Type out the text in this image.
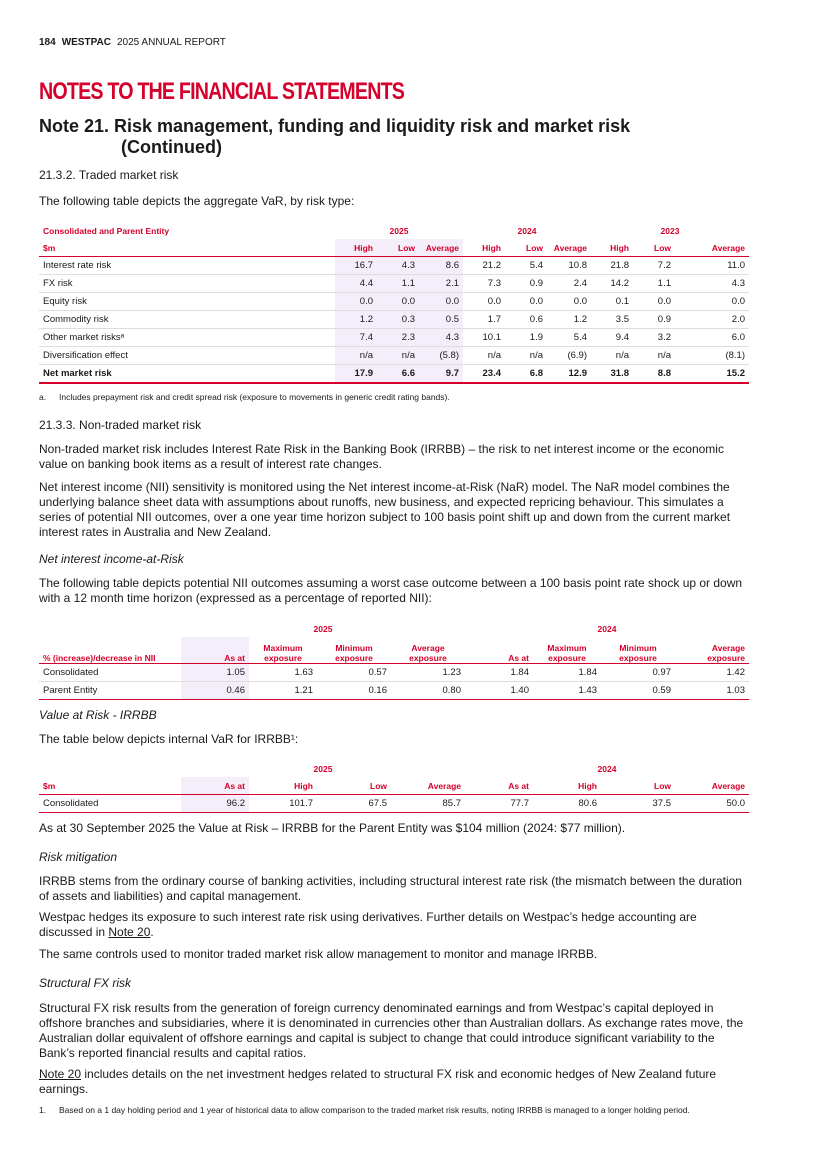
184 WESTPAC 2025 ANNUAL REPORT
NOTES TO THE FINANCIAL STATEMENTS
Note 21. Risk management, funding and liquidity risk and market risk
(Continued)
21.3.2. Traded market risk
The following table depicts the aggregate VaR, by risk type:
Consolidated and Parent Entity	2025			2024			2023		
$m	High	Low	Average	High	Low	Average	High	Low	Average
Interest rate risk	16.7	4.3	8.6	21.2	5.4	10.8	21.8	7.2	11.0
FX risk	4.4	1.1	2.1	7.3	0.9	2.4	14.2	1.1	4.3
Equity risk	0.0	0.0	0.0	0.0	0.0	0.0	0.1	0.0	0.0
Commodity risk	1.2	0.3	0.5	1.7	0.6	1.2	3.5	0.9	2.0
Other market risksᵃ	7.4	2.3	4.3	10.1	1.9	5.4	9.4	3.2	6.0
Diversification effect	n/a	n/a	(5.8)	n/a	n/a	(6.9)	n/a	n/a	(8.1)
Net market risk	17.9	6.6	9.7	23.4	6.8	12.9	31.8	8.8	15.2
a. Includes prepayment risk and credit spread risk (exposure to movements in generic credit rating bands).
21.3.3. Non-traded market risk
Non-traded market risk includes Interest Rate Risk in the Banking Book (IRRBB) – the risk to net interest income or the economic value on banking book items as a result of interest rate changes.
Net interest income (NII) sensitivity is monitored using the Net interest income-at-Risk (NaR) model. The NaR model combines the underlying balance sheet data with assumptions about runoffs, new business, and expected repricing behaviour. This simulates a series of potential NII outcomes, over a one year time horizon subject to 100 basis point shift up and down from the current market interest rates in Australia and New Zealand.
Net interest income-at-Risk
The following table depicts potential NII outcomes assuming a worst case outcome between a 100 basis point rate shock up or down with a 12 month time horizon (expressed as a percentage of reported NII):
	2025				2024			
% (increase)/decrease in NII	As at	Maximum exposure	Minimum exposure	Average exposure	As at	Maximum exposure	Minimum exposure	Average exposure
Consolidated	1.05	1.63	0.57	1.23	1.84	1.84	0.97	1.42
Parent Entity	0.46	1.21	0.16	0.80	1.40	1.43	0.59	1.03
Value at Risk - IRRBB
The table below depicts internal VaR for IRRBB¹:
	2025				2024			
$m	As at	High	Low	Average	As at	High	Low	Average
Consolidated	96.2	101.7	67.5	85.7	77.7	80.6	37.5	50.0
As at 30 September 2025 the Value at Risk – IRRBB for the Parent Entity was $104 million (2024: $77 million).
Risk mitigation
IRRBB stems from the ordinary course of banking activities, including structural interest rate risk (the mismatch between the duration of assets and liabilities) and capital management.
Westpac hedges its exposure to such interest rate risk using derivatives. Further details on Westpac’s hedge accounting are discussed in Note 20.
The same controls used to monitor traded market risk allow management to monitor and manage IRRBB.
Structural FX risk
Structural FX risk results from the generation of foreign currency denominated earnings and from Westpac’s capital deployed in offshore branches and subsidiaries, where it is denominated in currencies other than Australian dollars. As exchange rates move, the Australian dollar equivalent of offshore earnings and capital is subject to change that could introduce significant variability to the Bank’s reported financial results and capital ratios.
Note 20 includes details on the net investment hedges related to structural FX risk and economic hedges of New Zealand future earnings.
1.	Based on a 1 day holding period and 1 year of historical data to allow comparison to the traded market risk results, noting IRRBB is managed to a longer holding period.
